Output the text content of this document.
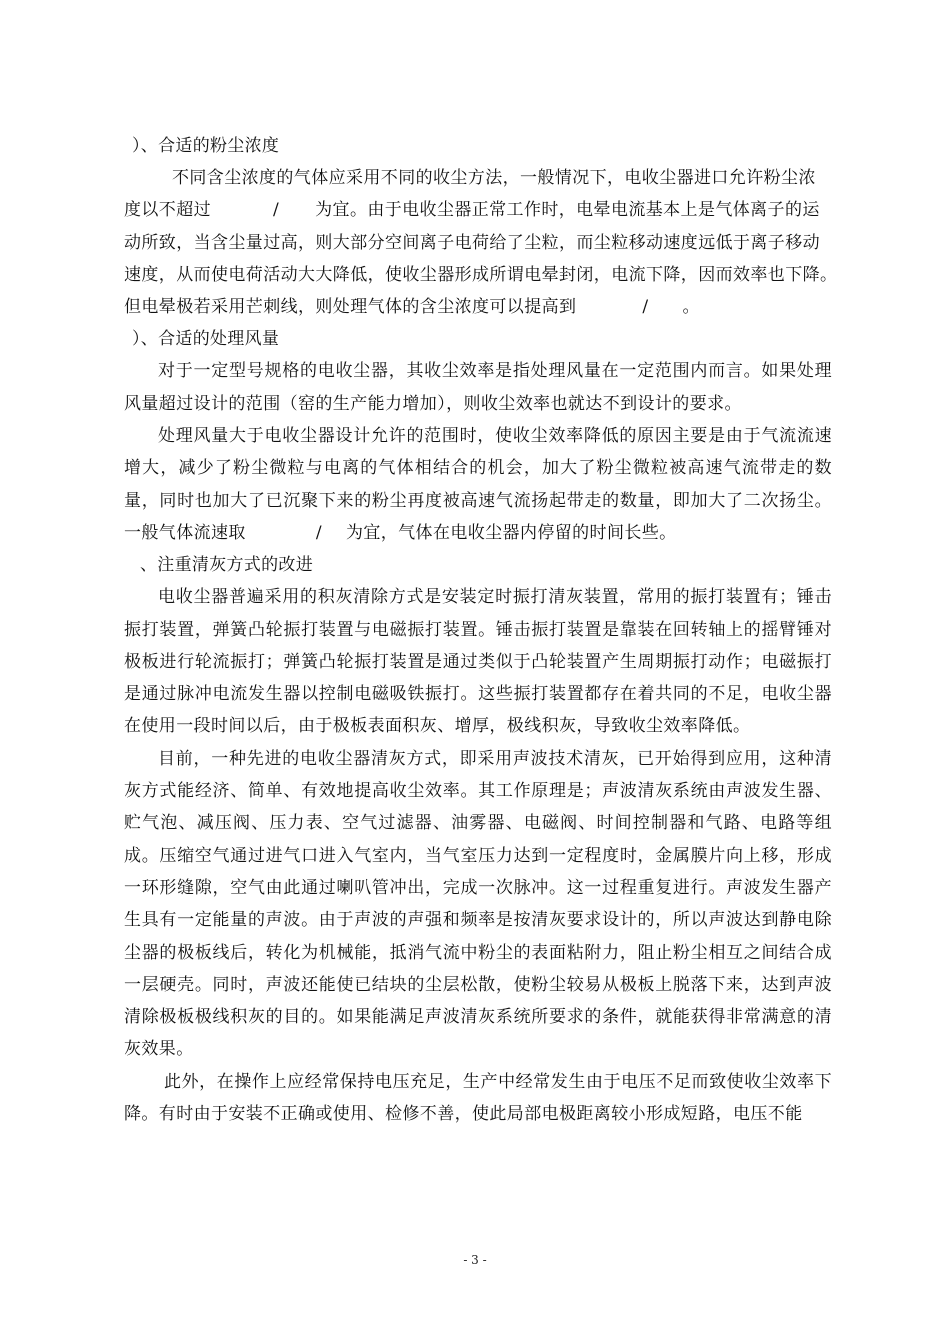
）、合适的粉尘浓度

不同含尘浓度的气体应采用不同的收尘方法，一般情况下，电收尘器进口允许粉尘浓

度以不超过	/ 为宜。由于电收尘器正常工作时，电晕电流基本上是气体离子的运

动所致，当含尘量过高，则大部分空间离子电荷给了尘粒，而尘粒移动速度远低于离子移动

速度，从而使电荷活动大大降低，使收尘器形成所谓电晕封闭，电流下降，因而效率也下降。

但电晕极若采用芒刺线，则处理气体的含尘浓度可以提高到	/ 。

）、合适的处理风量
对于一定型号规格的电收尘器，其收尘效率是指处理风量在一定范围内而言。如果处理风量超过设计的范围（窑的生产能力增加），则收尘效率也就达不到设计的要求。
处理风量大于电收尘器设计允许的范围时，使收尘效率降低的原因主要是由于气流流速增大，减少了粉尘微粒与电离的气体相结合的机会，加大了粉尘微粒被高速气流带走的数量，同时也加大了已沉聚下来的粉尘再度被高速气流扬起带走的数量，即加大了二次扬尘。一般气体流速取	/ 为宜，气体在电收尘器内停留的时间长些。
、注重清灰方式的改进
电收尘器普遍采用的积灰清除方式是安装定时振打清灰装置，常用的振打装置有；锤击振打装置，弹簧凸轮振打装置与电磁振打装置。锤击振打装置是靠装在回转轴上的摇臂锤对极板进行轮流振打；弹簧凸轮振打装置是通过类似于凸轮装置产生周期振打动作；电磁振打是通过脉冲电流发生器以控制电磁吸铁振打。这些振打装置都存在着共同的不足，电收尘器在使用一段时间以后，由于极板表面积灰、增厚，极线积灰，导致收尘效率降低。
目前，一种先进的电收尘器清灰方式，即采用声波技术清灰，已开始得到应用，这种清灰方式能经济、简单、有效地提高收尘效率。其工作原理是；声波清灰系统由声波发生器、贮气泡、减压阀、压力表、空气过滤器、油雾器、电磁阀、时间控制器和气路、电路等组成。压缩空气通过进气口进入气室内，当气室压力达到一定程度时，金属膜片向上移，形成一环形缝隙，空气由此通过喇叭管冲出，完成一次脉冲。这一过程重复进行。声波发生器产生具有一定能量的声波。由于声波的声强和频率是按清灰要求设计的，所以声波达到静电除尘器的极板线后，转化为机械能，抵消气流中粉尘的表面粘附力，阻止粉尘相互之间结合成一层硬壳。同时，声波还能使已结块的尘层松散，使粉尘较易从极板上脱落下来，达到声波清除极板极线积灰的目的。如果能满足声波清灰系统所要求的条件，就能获得非常满意的清灰效果。
此外，在操作上应经常保持电压充足，生产中经常发生由于电压不足而致使收尘效率下降。有时由于安装不正确或使用、检修不善，使此局部电极距离较小形成短路，电压不能
- 3 -
